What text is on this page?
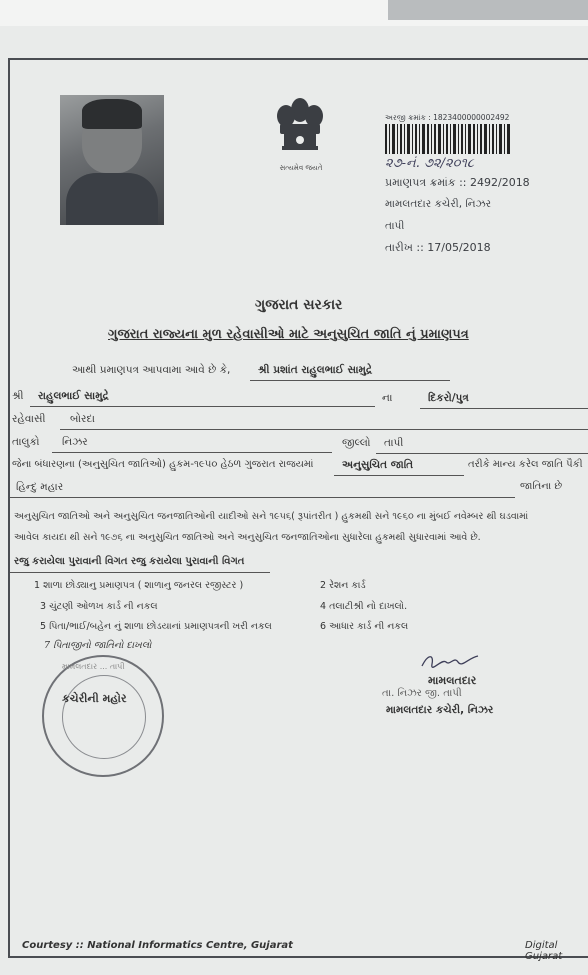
સત્યમેવ જયતે
અરજી ક્રમાંક : 1823400000002492
૨૭-નં. ૭૨/૨૦૧૮
પ્રમાણપત્ર ક્રમાંક :: 2492/2018
મામલતદાર કચેરી, નિઝર
તાપી
તારીખ :: 17/05/2018
ગુજરાત સરકાર
ગુજરાત રાજ્યના મુળ રહેવાસીઓ માટે અનુસુચિત જાતિ નું પ્રમાણપત્ર
આથી પ્રમાણપત્ર આપવામા આવે છે કે,	શ્રી પ્રશાંત રાહુલભાઈ સામુદ્રે
શ્રી રાહુલભાઈ સામુદ્રે	ના	દિકરો/પુત્ર
રહેવાસી બોરદા
તાલુકો નિઝર	જીલ્લો તાપી
જેના બંધારણના (અનુસુચિત જાતિઓ) હુકમ-૧૯૫૦ હેઠળ ગુજરાત રાજયમાં	અનુસુચિત જાતિ	તરીકે માન્ય કરેલ જાતિ પૈકી
હિન્દુ મહાર	જાતિના છે
અનુસુચિત જાતિઓ અને અનુસુચિત જનજાતિઓની યાદીઓ સને ૧૯૫૬( રૂપાંતરીત ) હુકમથી સને ૧૯૬૦ ના મુંબઈ નવેમ્બર થી ઘડવામાં
આવેલ કાયદા થી સને ૧૯૭૬ ના અનુસુચિત જાતિઓ અને અનુસુચિત જનજાતિઓના સુધારેલા હુકમથી સુધારવામાં આવે છે.
રજુ કરાયેલા પુરાવાની વિગત રજુ કરાયેલા પુરાવાની વિગત
1 શાળા છોડ્યાનુ પ્રમાણપત્ર ( શાળાનુ જનરલ રજીસ્ટર )
3 ચુંટણી ઓળખ કાર્ડ ની નકલ
5 પિતા/ભાઈ/બહેન નું શાળા છોડયાનાં પ્રમાણપત્રની ખરી નકલ
7 પિતાજીનો જાતિનો દાખલો
2 રેશન કાર્ડ
4 તલાટીશ્રી નો દાખલો.
6 આધાર કાર્ડ ની નકલ
મામલતદાર ... તાપી
કચેરીની મહોર
મામલતદાર
તા. નિઝર જી. તાપી
મામલતદાર કચેરી, નિઝર
Courtesy :: National Informatics Centre, Gujarat	Digital Gujarat
